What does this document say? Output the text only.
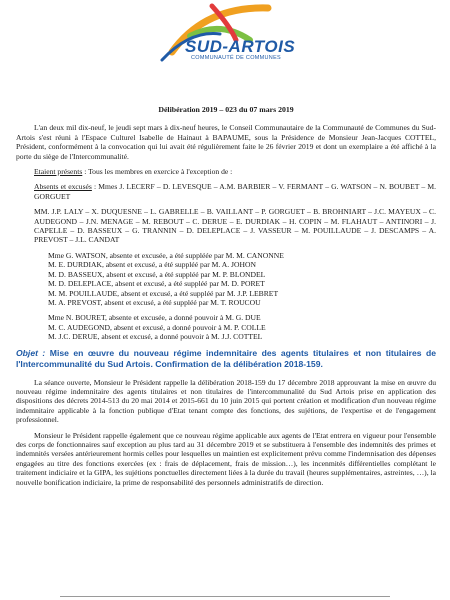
SUD-ARTOIS
COMMUNAUTÉ DE COMMUNES
Délibération 2019 – 023 du 07 mars 2019

L'an deux mil dix-neuf, le jeudi sept mars à dix-neuf heures, le Conseil Communautaire de la Communauté de Communes du Sud-Artois s'est réuni à l'Espace Culturel Isabelle de Hainaut à BAPAUME, sous la Présidence de Monsieur Jean-Jacques COTTEL, Président, conformément à la convocation qui lui avait été régulièrement faite le 26 février 2019 et dont un exemplaire a été affiché à la porte du siège de l'Intercommunalité.

Etaient présents : Tous les membres en exercice à l'exception de :

Absents et excusés : Mmes J. LECERF – D. LEVESQUE – A.M. BARBIER – V. FERMANT – G. WATSON – N. BOUBET – M. GORGUET

MM. J.P. LALY – X. DUQUESNE – L. GABRELLE – B. VAILLANT – P. GORGUET – B. BROHNIART – J.C. MAYEUX – C. AUDEGOND – J.N. MENAGE – M. REBOUT – C. DERUE – E. DURDIAK – H. COPIN – M. FLAHAUT – ANTINORI – J. CAPELLE – D. BASSEUX – G. TRANNIN – D. DELEPLACE – J. VASSEUR – M. POUILLAUDE – J. DESCAMPS – A. PREVOST – J.L. CANDAT

Mme G. WATSON, absente et excusée, a été suppléée par M. M. CANONNE
M. E. DURDIAK, absent et excusé, a été suppléé par M. A. JOHON
M. D. BASSEUX, absent et excusé, a été suppléé par M. P. BLONDEL
M. D. DELEPLACE, absent et excusé, a été suppléé par M. D. PORET
M. M. POUILLAUDE, absent et excusé, a été suppléé par M. J.P. LEBRET
M. A. PREVOST, absent et excusé, a été suppléé par M. T. ROUCOU
Mme N. BOURET, absente et excusée, a donné pouvoir à M. G. DUE
M. C. AUDEGOND, absent et excusé, a donné pouvoir à M. P. COLLE
M. J.C. DERUE, absent et excusé, a donné pouvoir à M. J.J. COTTEL
Objet : Mise en œuvre du nouveau régime indemnitaire des agents titulaires et non titulaires de l'Intercommunalité du Sud Artois. Confirmation de la délibération 2018-159.

La séance ouverte, Monsieur le Président rappelle la délibération 2018-159 du 17 décembre 2018 approuvant la mise en œuvre du nouveau régime indemnitaire des agents titulaires et non titulaires de l'intercommunalité du Sud Artois prise en application des dispositions des décrets 2014-513 du 20 mai 2014 et 2015-661 du 10 juin 2015 qui portent création et modification d'un nouveau régime indemnitaire applicable à la fonction publique d'Etat tenant compte des fonctions, des sujétions, de l'expertise et de l'engagement professionnel.

Monsieur le Président rappelle également que ce nouveau régime applicable aux agents de l'Etat entrera en vigueur pour l'ensemble des corps de fonctionnaires sauf exception au plus tard au 31 décembre 2019 et se substituera à l'ensemble des indemnités des primes et indemnités versées antérieurement hormis celles pour lesquelles un maintien est explicitement prévu comme l'indemnisation des dépenses engagées au titre des fonctions exercées (ex : frais de déplacement, frais de mission…), les incenmités différentielles complétant le traitement indiciaire et la GIPA, les sujétions ponctuelles directement liées à la durée du travail (heures supplémentaires, astreintes, …), la nouvelle bonification indiciaire, la prime de responsabilité des personnels administratifs de direction.
